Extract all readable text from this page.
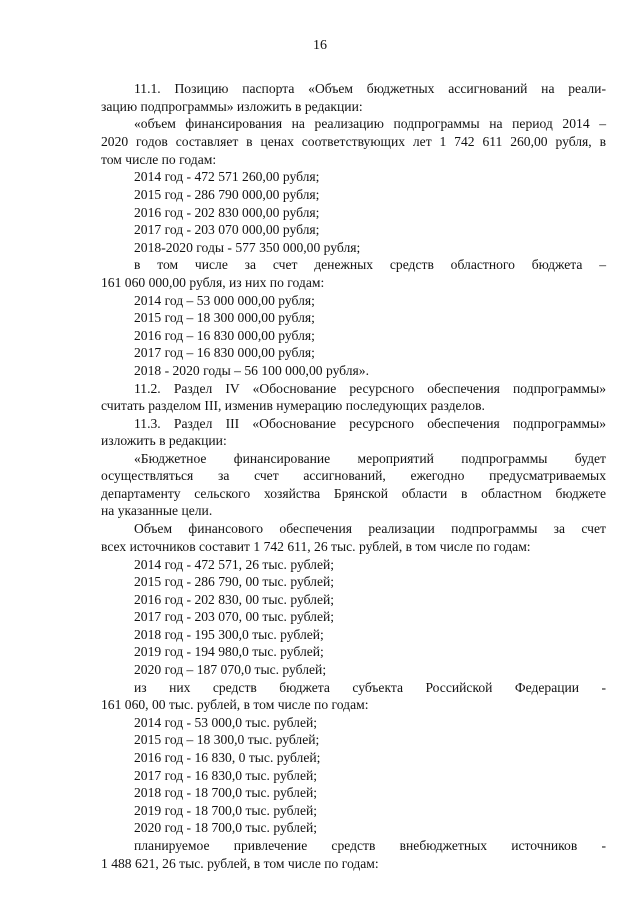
16
11.1. Позицию паспорта «Объем бюджетных ассигнований на реали-
зацию подпрограммы» изложить в редакции:
«объем финансирования на реализацию подпрограммы на период 2014 –
2020 годов составляет в ценах соответствующих лет 1 742 611 260,00 рубля, в
том числе по годам:
2014 год - 472 571 260,00 рубля;
2015 год - 286 790 000,00 рубля;
2016 год - 202 830 000,00 рубля;
2017 год - 203 070 000,00 рубля;
2018-2020 годы - 577 350 000,00 рубля;
в том числе за счет денежных средств областного бюджета –
161 060 000,00 рубля, из них по годам:
2014 год – 53 000 000,00 рубля;
2015 год – 18 300 000,00 рубля;
2016 год – 16 830 000,00 рубля;
2017 год – 16 830 000,00 рубля;
2018 - 2020 годы – 56 100 000,00 рубля».
11.2. Раздел IV «Обоснование ресурсного обеспечения подпрограммы»
считать разделом III, изменив нумерацию последующих разделов.
11.3. Раздел III «Обоснование ресурсного обеспечения подпрограммы»
изложить в редакции:
«Бюджетное финансирование мероприятий подпрограммы будет
осуществляться за счет ассигнований, ежегодно предусматриваемых
департаменту сельского хозяйства Брянской области в областном бюджете
на указанные цели.
Объем финансового обеспечения реализации подпрограммы за счет
всех источников составит 1 742 611, 26 тыс. рублей, в том числе по годам:
2014 год - 472 571, 26 тыс. рублей;
2015 год - 286 790, 00 тыс. рублей;
2016 год - 202 830, 00 тыс. рублей;
2017 год - 203 070, 00 тыс. рублей;
2018 год - 195 300,0 тыс. рублей;
2019 год - 194 980,0 тыс. рублей;
2020 год – 187 070,0 тыс. рублей;
из них средств бюджета субъекта Российской Федерации -
161 060, 00 тыс. рублей, в том числе по годам:
2014 год - 53 000,0 тыс. рублей;
2015 год – 18 300,0 тыс. рублей;
2016 год - 16 830, 0 тыс. рублей;
2017 год - 16 830,0 тыс. рублей;
2018 год - 18 700,0 тыс. рублей;
2019 год - 18 700,0 тыс. рублей;
2020 год - 18 700,0 тыс. рублей;
планируемое привлечение средств внебюджетных источников -
1 488 621, 26 тыс. рублей, в том числе по годам:
